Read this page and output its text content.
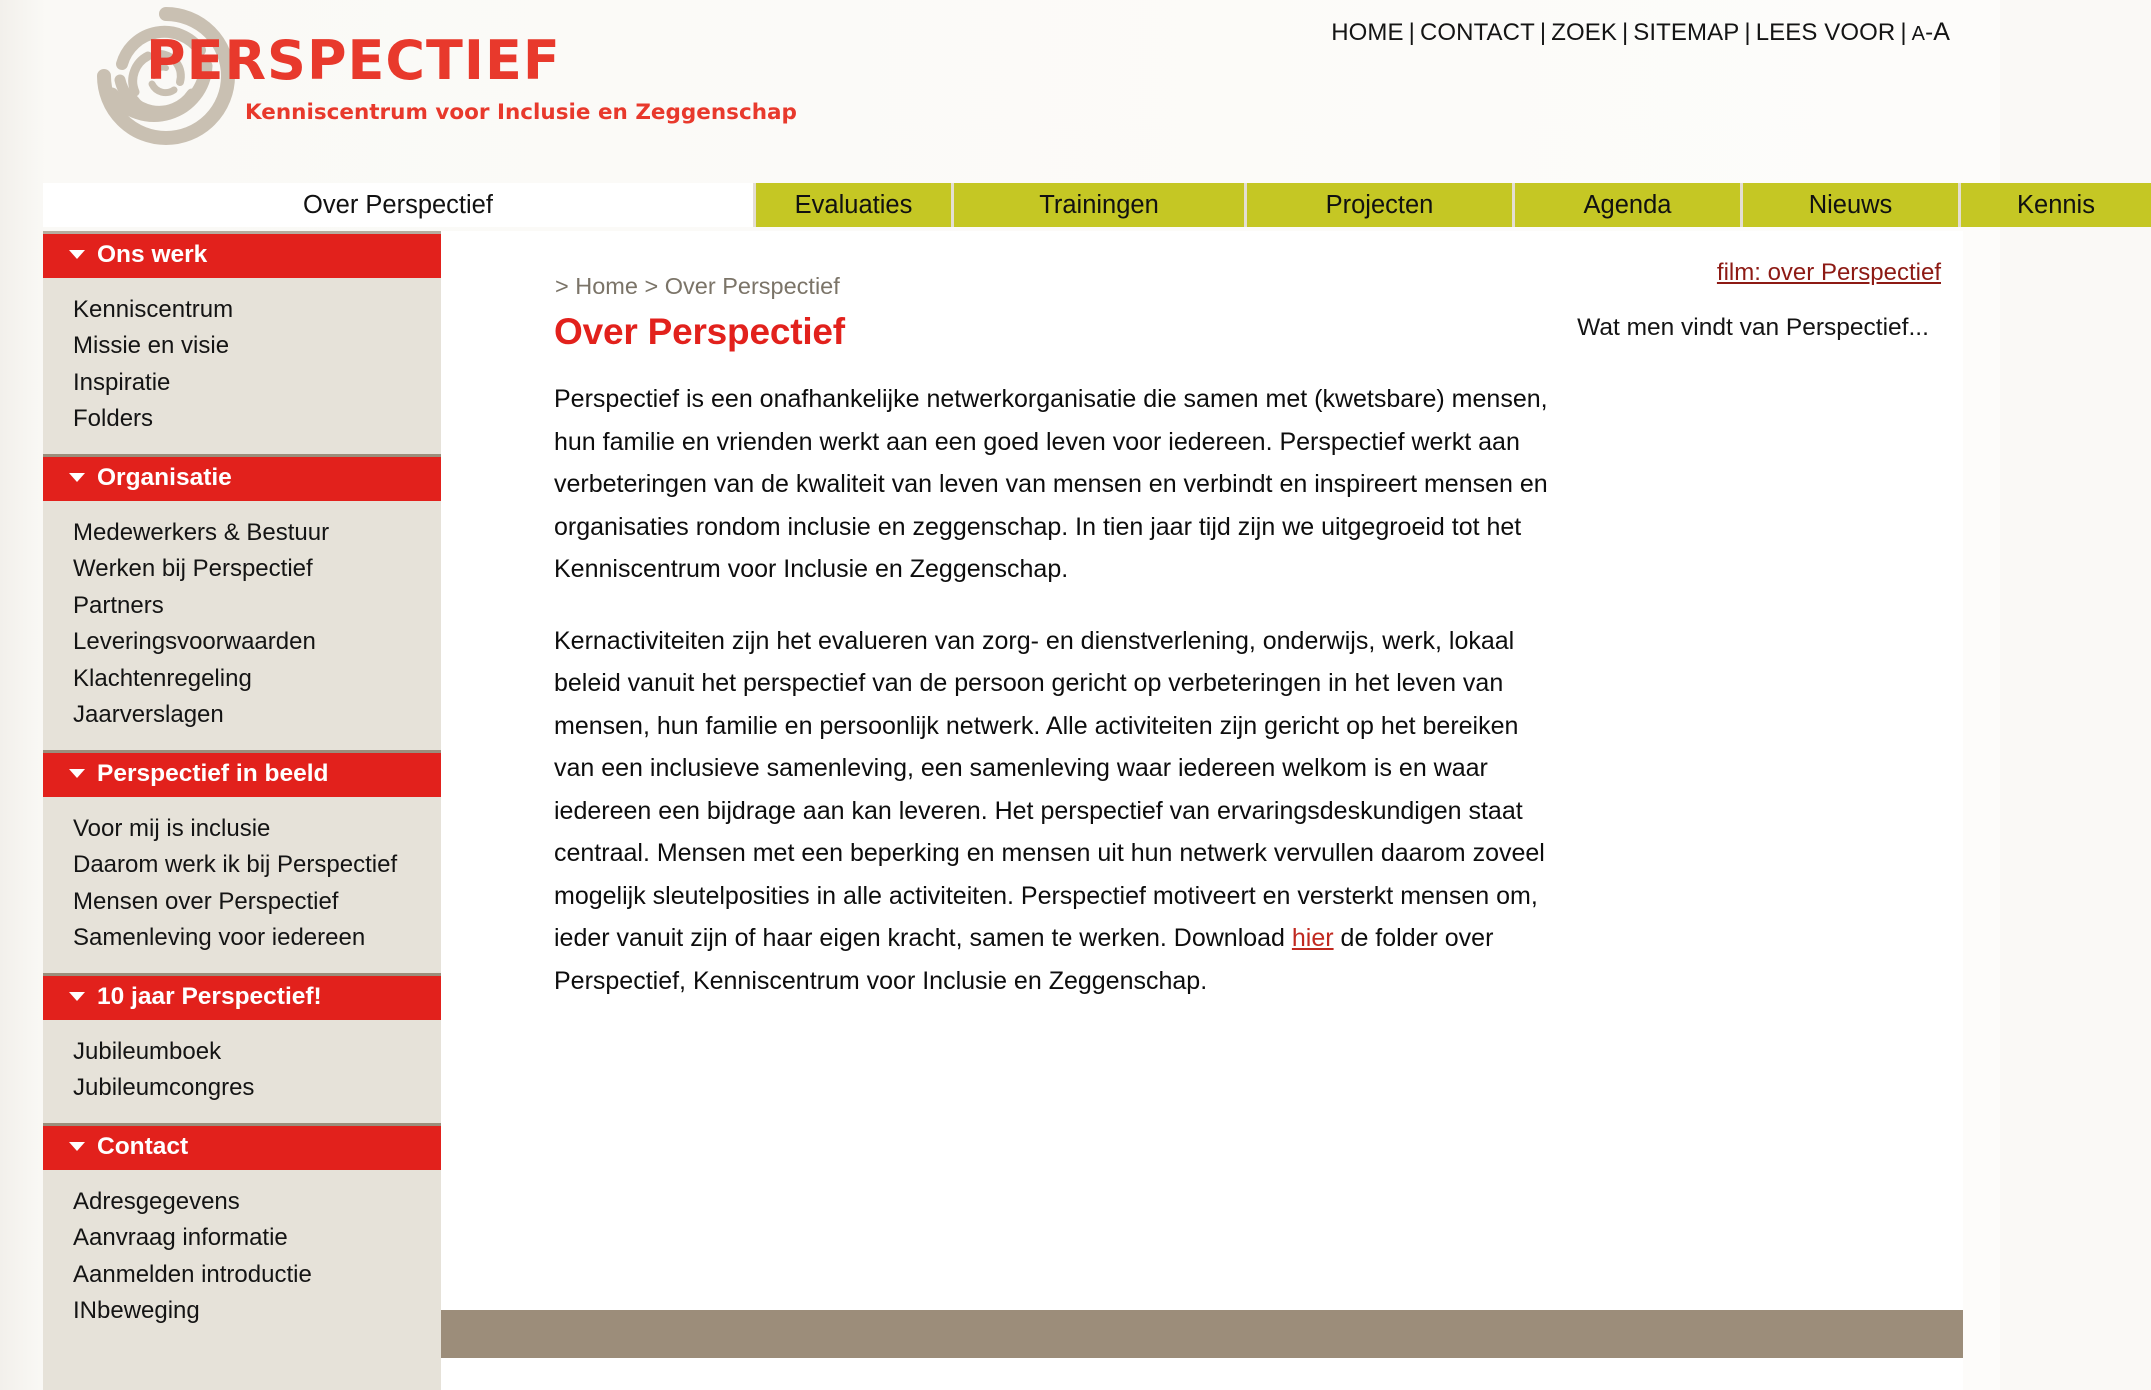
PERSPECTIEF
Kenniscentrum voor Inclusie en Zeggenschap
HOME | CONTACT | ZOEK | SITEMAP | LEES VOOR | A-A
Over Perspectief	Evaluaties	Trainingen	Projecten	Agenda	Nieuws	Kennis
Ons werk
Kenniscentrum
Missie en visie
Inspiratie
Folders
Organisatie
Medewerkers & Bestuur
Werken bij Perspectief
Partners
Leveringsvoorwaarden
Klachtenregeling
Jaarverslagen
Perspectief in beeld
Voor mij is inclusie
Daarom werk ik bij Perspectief
Mensen over Perspectief
Samenleving voor iedereen
10 jaar Perspectief!
Jubileumboek
Jubileumcongres
Contact
Adresgegevens
Aanvraag informatie
Aanmelden introductie
INbeweging
> Home > Over Perspectief
Over Perspectief

Perspectief is een onafhankelijke netwerkorganisatie die samen met (kwetsbare) mensen, hun familie en vrienden werkt aan een goed leven voor iedereen. Perspectief werkt aan verbeteringen van de kwaliteit van leven van mensen en verbindt en inspireert mensen en organisaties rondom inclusie en zeggenschap. In tien jaar tijd zijn we uitgegroeid tot het Kenniscentrum voor Inclusie en Zeggenschap.

Kernactiviteiten zijn het evalueren van zorg- en dienstverlening, onderwijs, werk, lokaal beleid vanuit het perspectief van de persoon gericht op verbeteringen in het leven van mensen, hun familie en persoonlijk netwerk. Alle activiteiten zijn gericht op het bereiken van een inclusieve samenleving, een samenleving waar iedereen welkom is en waar iedereen een bijdrage aan kan leveren. Het perspectief van ervaringsdeskundigen staat centraal. Mensen met een beperking en mensen uit hun netwerk vervullen daarom zoveel mogelijk sleutelposities in alle activiteiten. Perspectief motiveert en versterkt mensen om, ieder vanuit zijn of haar eigen kracht, samen te werken. Download hier de folder over Perspectief, Kenniscentrum voor Inclusie en Zeggenschap.

film: over Perspectief
Wat men vindt van Perspectief...
